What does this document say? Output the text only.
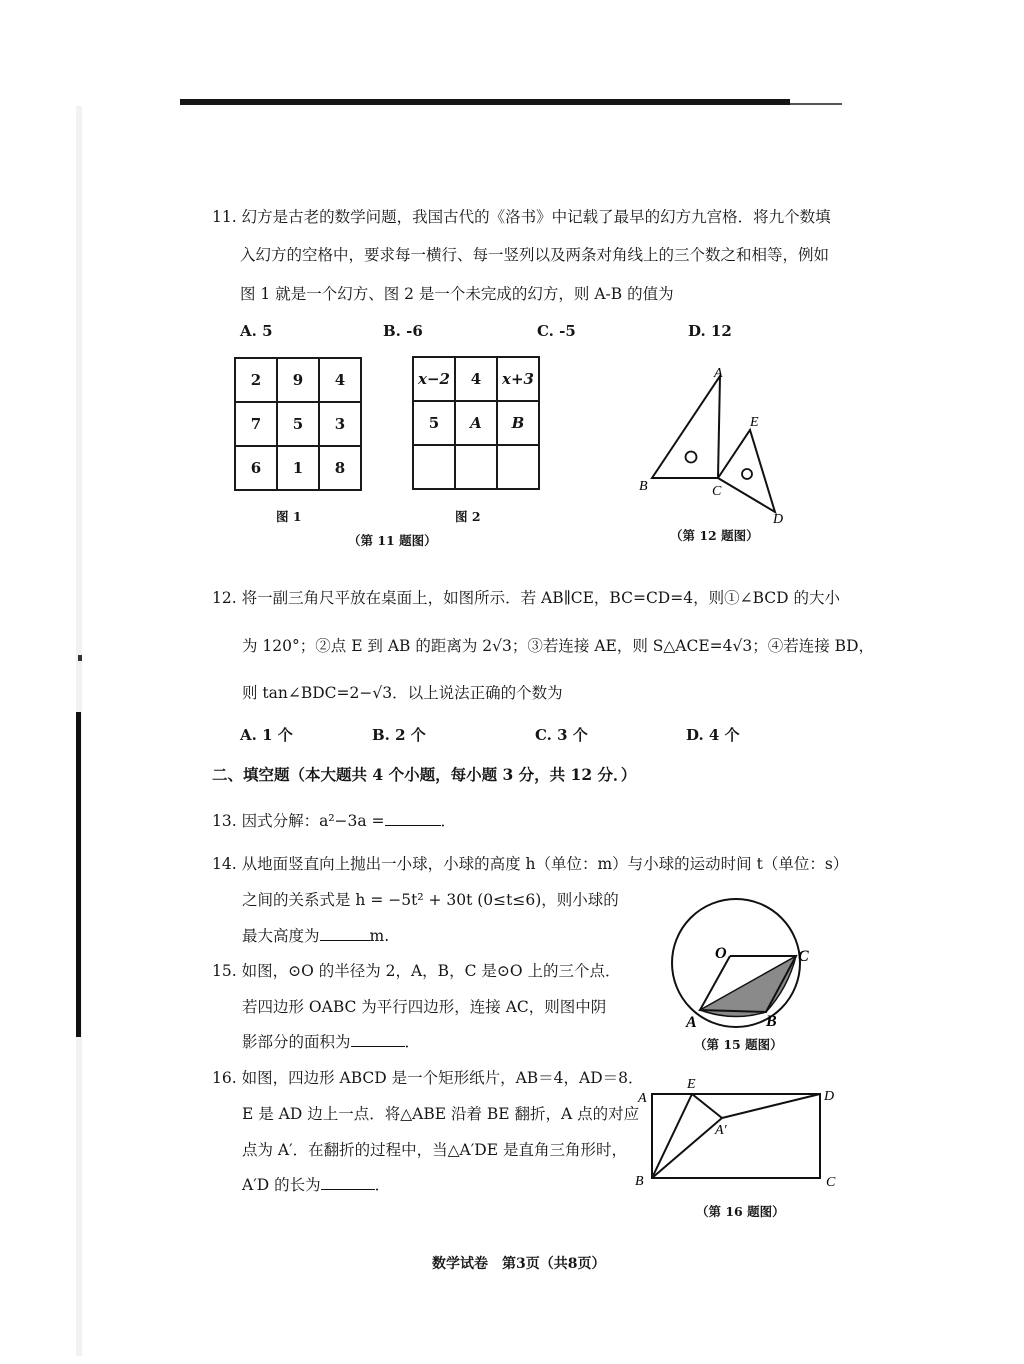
11. 幻方是古老的数学问题，我国古代的《洛书》中记载了最早的幻方九宫格．将九个数填
入幻方的空格中，要求每一横行、每一竖列以及两条对角线上的三个数之和相等，例如
图 1 就是一个幻方、图 2 是一个未完成的幻方，则 A-B 的值为
A. 5	B. -6	C. -5	D. 12
2	9	4
7	5	3
6	1	8
图 1
x−2	4	x+3
5	A	B

图 2
（第 11 题图）
A
B	C
E
D
（第 12 题图）
12. 将一副三角尺平放在桌面上，如图所示．若 AB∥CE，BC=CD=4，则①∠BCD 的大小
为 120°；②点 E 到 AB 的距离为 2√3；③若连接 AE，则 S△ACE=4√3；④若连接 BD，
则 tan∠BDC=2−√3．以上说法正确的个数为
A. 1 个	B. 2 个	C. 3 个	D. 4 个
二、填空题（本大题共 4 个小题，每小题 3 分，共 12 分．）
13. 因式分解：a²−3a =	．
14. 从地面竖直向上抛出一小球，小球的高度 h（单位：m）与小球的运动时间 t（单位：s）
之间的关系式是 h = −5t² + 30t (0≤t≤6)，则小球的
最大高度为	m.
15. 如图，⊙O 的半径为 2，A，B，C 是⊙O 上的三个点．
若四边形 OABC 为平行四边形，连接 AC，则图中阴
影部分的面积为	．
O	C
A	B
（第 15 题图）
16. 如图，四边形 ABCD 是一个矩形纸片，AB＝4，AD＝8．
E 是 AD 边上一点．将△ABE 沿着 BE 翻折，A 点的对应
点为 A′．在翻折的过程中，当△A′DE 是直角三角形时，
A′D 的长为	．
A
E
D
A′
B	C
（第 16 题图）
数学试卷　第3页（共8页）
